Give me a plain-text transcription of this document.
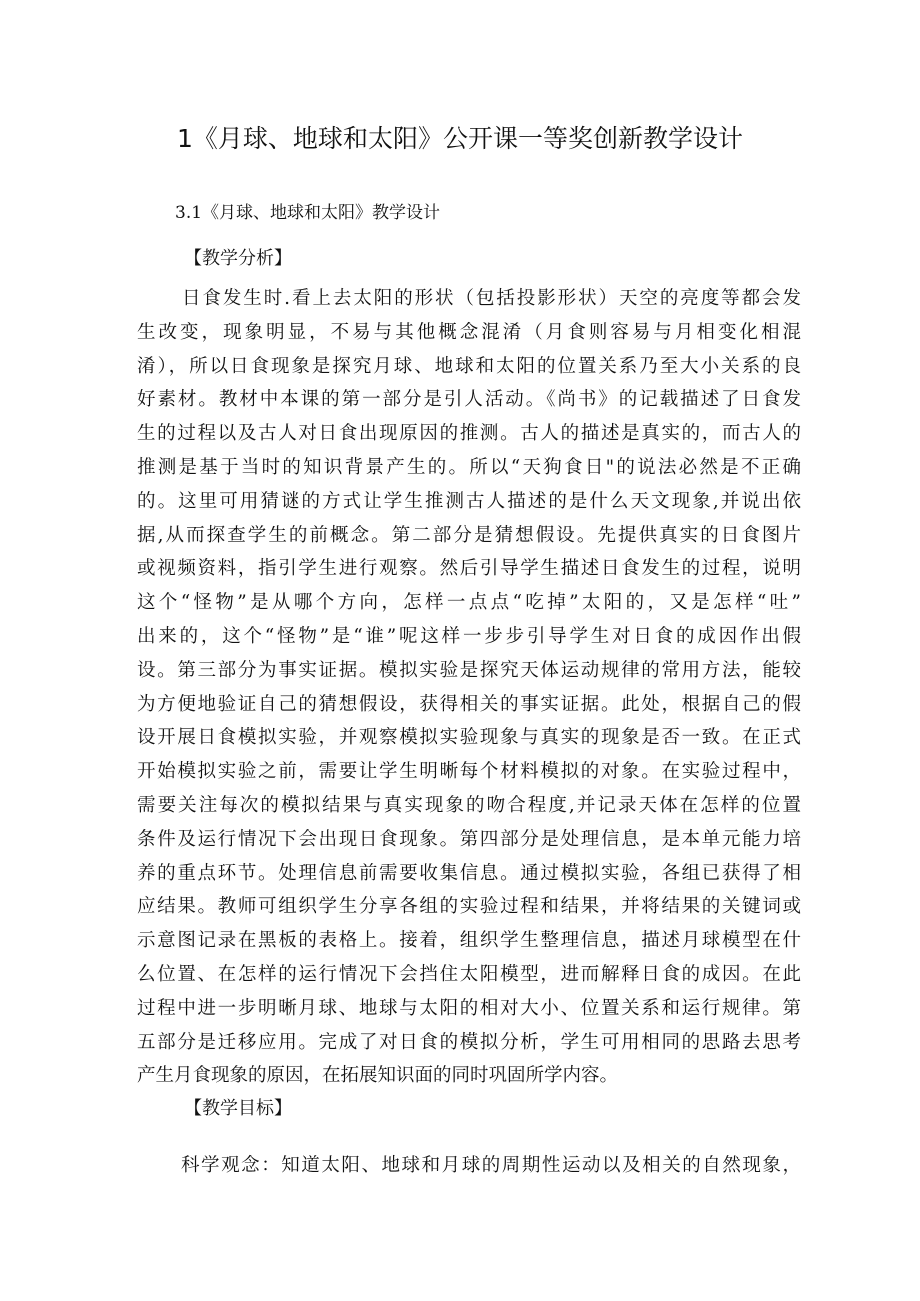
1《月球、地球和太阳》公开课一等奖创新教学设计
3.1《月球、地球和太阳》教学设计
【教学分析】
日食发生时.看上去太阳的形状（包括投影形状）天空的亮度等都会发
生改变，现象明显，不易与其他概念混淆（月食则容易与月相变化相混
淆），所以日食现象是探究月球、地球和太阳的位置关系乃至大小关系的良
好素材。教材中本课的第一部分是引人活动。《尚书》的记载描述了日食发
生的过程以及古人对日食出现原因的推测。古人的描述是真实的，而古人的
推测是基于当时的知识背景产生的。所以“天狗食日"的说法必然是不正确
的。这里可用猜谜的方式让学生推测古人描述的是什么天文现象,并说出依
据,从而探查学生的前概念。第二部分是猜想假设。先提供真实的日食图片
或视频资料，指引学生进行观察。然后引导学生描述日食发生的过程，说明
这个“怪物”是从哪个方向，怎样一点点“吃掉”太阳的，又是怎样“吐”
出来的，这个“怪物”是“谁”呢这样一步步引导学生对日食的成因作出假
设。第三部分为事实证据。模拟实验是探究天体运动规律的常用方法，能较
为方便地验证自己的猜想假设，获得相关的事实证据。此处，根据自己的假
设开展日食模拟实验，并观察模拟实验现象与真实的现象是否一致。在正式
开始模拟实验之前，需要让学生明晰每个材料模拟的对象。在实验过程中，
需要关注每次的模拟结果与真实现象的吻合程度,并记录天体在怎样的位置
条件及运行情况下会出现日食现象。第四部分是处理信息，是本单元能力培
养的重点环节。处理信息前需要收集信息。通过模拟实验，各组已获得了相
应结果。教师可组织学生分享各组的实验过程和结果，并将结果的关键词或
示意图记录在黑板的表格上。接着，组织学生整理信息，描述月球模型在什
么位置、在怎样的运行情况下会挡住太阳模型，进而解释日食的成因。在此
过程中进一步明晰月球、地球与太阳的相对大小、位置关系和运行规律。第
五部分是迁移应用。完成了对日食的模拟分析，学生可用相同的思路去思考
产生月食现象的原因，在拓展知识面的同时巩固所学内容。
【教学目标】
科学观念：知道太阳、地球和月球的周期性运动以及相关的自然现象，
